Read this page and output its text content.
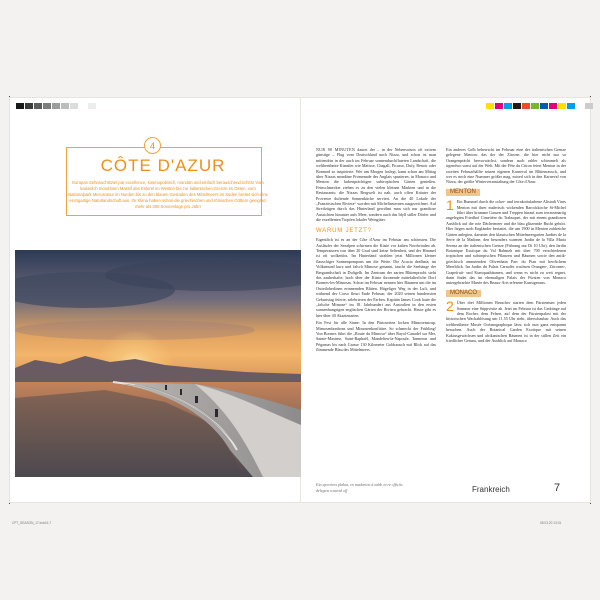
4
CÔTE D'AZUR
Europas Sehnsuchtsziel par excellence, kosmopolitisch, mondän und einfach berauschend schön! Vom kaiserlich mondänen Massif des Esterel im Westen bis zur italienischen Grenze im Osten, vom Nationalpark Mercantour im Norden bis zu den blauen Gestaden des Mittelmeers im Süden breitet sich eine einzigartige Naturlandschaft aus. Ihr Klima haben schon die griechischen und römischen Göttern geeignet: mehr als 300 Sonnentage pro Jahr!

NUR 90 MINUTEN dauert der – in der Nebensaison oft extrem günstige – Flug vom Deutschland nach Nizza, und schon ist man mittendrin in der auch im Februar sonnendurchfluteten Landschaft, die weltberühmte Künstler wie Matisse, Chagall, Picasso, Dufy, Renoir oder Bonnard so inspirierte. Wer am Morgen loslegt, kann schon am Mittag über Nizzas mondäne Promenade des Anglais spazieren, in Monaco und Menton die farbenprächtigen subtropischen Gärten genießen. Feinschmecker ziehen es zu den vielen kleinen Märkten und in die Restaurants; die Nizzas Bergwelt ist nah, auch offen Kräuter der Provence duftende Sonnenküche serviert. An die 40 Lokale der „Französischen Riviera“ worden mit Michelinsternen ausgezeichnet. Auf Streifzügen durch das Hinterland gewöhnt man sich nur grandiose Aussichten hinunter aufs Meer, sondern auch das Idyll stiller Dörfer und die exzellenten Tropfen lokaler Weingüter.

WARUM JETZT?

Eigentlich ist es an der Côte d'Azur im Februar am schönsten. Die Ausläufer der Seealpen schirmen die Küste vor kalten Nordwinden ab. Temperaturen von über 20 Grad sind keine Seltenheit, und der Himmel ist oft wolkenlos. Im Hinterland strahlen jetzt Millionen kleiner flauschiger Sonnenpompons um die Wette. Die Acacia dealbata, im Volksmund kurz und falsch Mimose genannt, taucht die Seehänge der Bergrandschaft in Duftgelb. Im Zentrum der zarten Blütenpracht steht das zauberhafte, hoch über der Küste thronende mittelalterliche Dorf Bormes-les-Mimosas. Schon im Februar nennen hier Bäumen um die im Ostteiloberlinen erinnernden Blüten. Hügeliger Weg in der Luft, und während der Corso fleuri Ende Februar, der 2020 seinen hundertsten Geburtstag feierte, zelebrieren der Farben. Kapitän James Cook hatte die „falsche Mimose“ im 18. Jahrhundert aus Australien in den ersten sonnenhungrigen englischen Gärten der Riviera gebracht. Heute gibt es hier über 40 Akazienarten.

Ein Fest für alle Sinne: In den Pärtoserien locken Mimosenstrup, Mimosenbonbons und Mimosenkonfitüre. So schmeckt der Frühling! Von Bormes führt die „Route du Mimosa“ über Rayol-Canadel sur Mer, Sainte-Maxime, Saint-Raphaël, Mandelieu-la-Napoule, Tanneron und Pégomas bis nach Grasse 130 Kilometer Goldrausch mit Blick auf das flimmende Blau des Mittelmeers.

Ein anderes Gelb beherrscht im Februar eine der italienischen Grenze gelegene Menton: das der der Zitrone, die hier nicht nur so Orangenprächt hervorwächst, sondern auch rahler schimmelt als irgendwo sonst auf der Welt. Mit der Fête du Citron feiert Menton in der zweiten Februarhälfte seinen eigenen Karneval im Blütenrausch, und wer es noch eine Nummer größer mag, mixed sich in den Karneval von Nizza, der größte Winterveranstaltung der Côte d'Azur.

MENTON

1 Ein Rummel durch die ocker- und terrakottafarbene Altstadt Viaes Menton mit ihrer malerisch wirkenden Barockkirche St-Michel führt über krumme Gassen und Treppen hinauf zum terrassenartig angelegten Friedhof Cimetière du Trabuquet, der mit einem grandiosen Ausblick auf die rote Dächermeer und die blau glitzernde Bucht gehört. Hier liegen auch Engländer bestattet, die um 1900 in Menton zahlreiche Gärten anlegten, darunter den klassischen Mittelmeergarten Jardins de la Serre de la Madone, den besonders warmen Jardin de la Villa Maria Serena an der italienischen Grenze (Führung nur Di 10 Uhr), den Jardin Botanique Exotique du Val Rahmeh mit über 700 verschiedenen tropischen und subtropischen Pflanzen und Bäumen sowie den antik-griechisch anmutenden Olivenhain Parc du Pian mit herrlichem Meerblick. Im Jardin du Palais Carnolès wachsen Orangen-, Zitronen-, Grapefruit- und Kumquatbäumen, und wenn es nicht zu weit regnet, dann findet das im ehemaligen Palais der Fürsten von Monaco untergebrachte Musée des Beaux-Arts erlesene Kunstgenuss.

MONACO

2 Über drei Millionen Besucher starten dem Fürstentum jeden Sommer eine Stippvisite ab. Jetzt im Februar ist das Gedränge auf dem Rocher, dem Felsen, auf dem der Fürstenpalast mit der historischen Wachablösung um 11.55 Uhr steht, überschaubar. Auch das weltberühmte Musée Océanographique lässt sich nun ganz entspannt besuchen. Auch der Botanical Garden Exotique mit seinen Kaktusgewächsen und afrikanischen Bäumen ist in der stillen Zeit ein friedlicher Genuss, und der Ausblick auf Monaco

Ein sportives plakat, en mudurion à table in re officiis delegeis rosuvid off	Frankreich	7
CPT_SEASON_17.indd 6-7	08.03.20 13:31
